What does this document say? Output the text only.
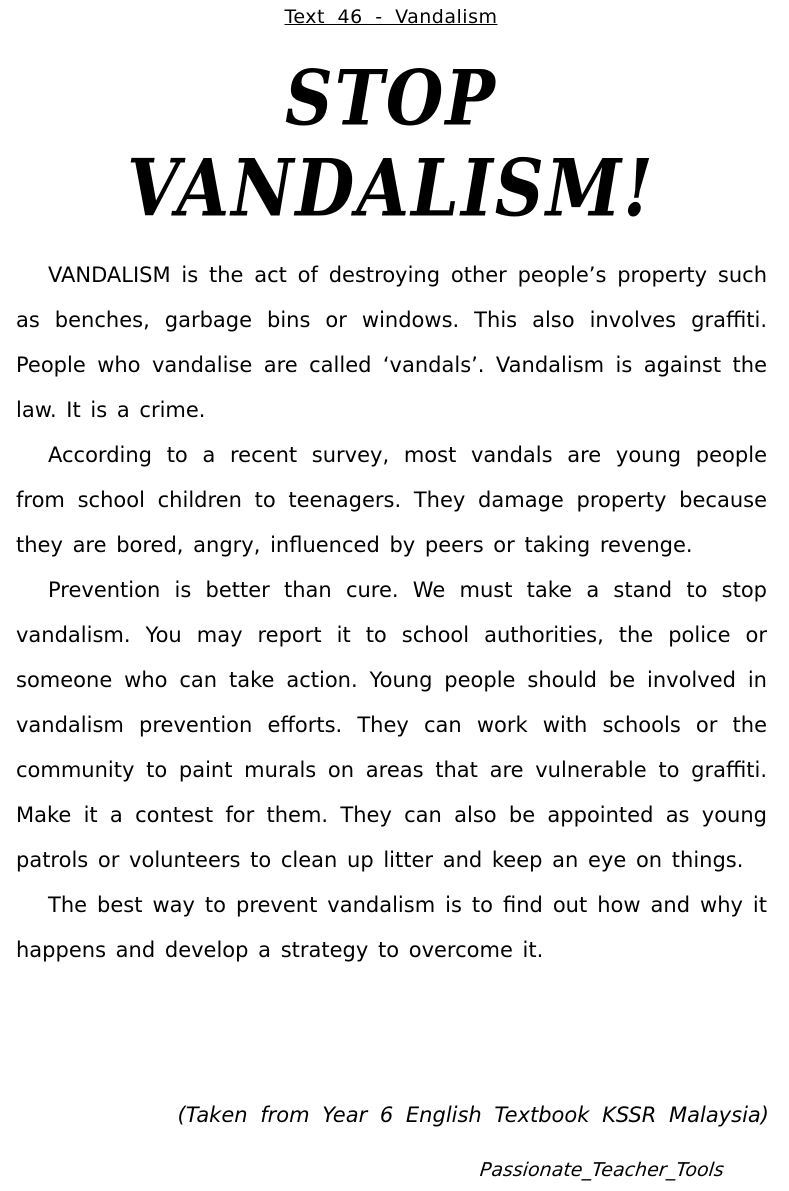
Text 46 - Vandalism
STOP
VANDALISM!

VANDALISM is the act of destroying other people’s property such as benches, garbage bins or windows. This also involves graffiti. People who vandalise are called ‘vandals’. Vandalism is against the law. It is a crime.

According to a recent survey, most vandals are young people from school children to teenagers. They damage property because they are bored, angry, influenced by peers or taking revenge.

Prevention is better than cure. We must take a stand to stop vandalism. You may report it to school authorities, the police or someone who can take action. Young people should be involved in vandalism prevention efforts. They can work with schools or the community to paint murals on areas that are vulnerable to graffiti. Make it a contest for them. They can also be appointed as young patrols or volunteers to clean up litter and keep an eye on things.

The best way to prevent vandalism is to find out how and why it happens and develop a strategy to overcome it.

(Taken from Year 6 English Textbook KSSR Malaysia)
Passionate_Teacher_Tools
